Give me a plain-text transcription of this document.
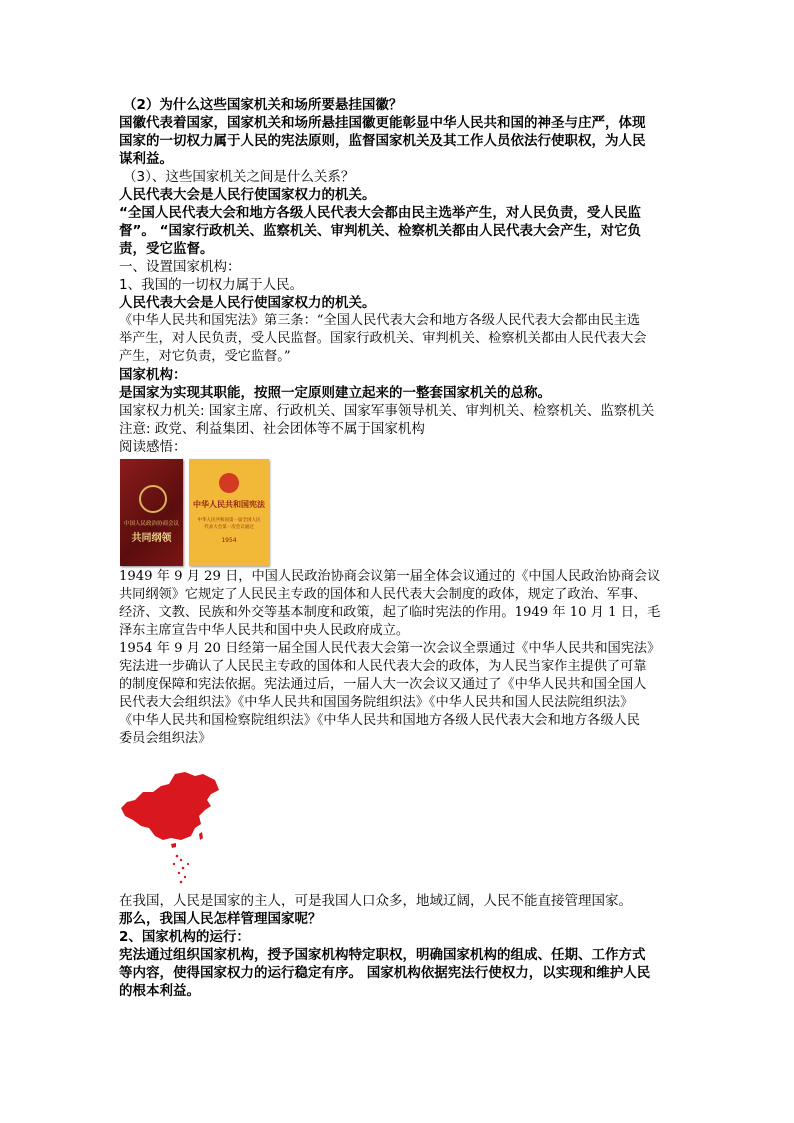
（2）为什么这些国家机关和场所要悬挂国徽？

国徽代表着国家，国家机关和场所悬挂国徽更能彰显中华人民共和国的神圣与庄严，体现

国家的一切权力属于人民的宪法原则，监督国家机关及其工作人员依法行使职权，为人民

谋利益。

（3）、这些国家机关之间是什么关系？

人民代表大会是人民行使国家权力的机关。

“全国人民代表大会和地方各级人民代表大会都由民主选举产生，对人民负责，受人民监

督”。 “国家行政机关、监察机关、审判机关、检察机关都由人民代表大会产生，对它负

责，受它监督。

一、设置国家机构：

1、我国的一切权力属于人民。

人民代表大会是人民行使国家权力的机关。

《中华人民共和国宪法》第三条：“全国人民代表大会和地方各级人民代表大会都由民主选

举产生，对人民负责，受人民监督。国家行政机关、审判机关、检察机关都由人民代表大会

产生，对它负责，受它监督。”

国家机构：

是国家为实现其职能，按照一定原则建立起来的一整套国家机关的总称。

国家权力机关: 国家主席、行政机关、国家军事领导机关、审判机关、检察机关、监察机关

注意: 政党、利益集团、社会团体等不属于国家机构

阅读感悟：

中国人民政治协商会议
共同纲领
中华人民共和国宪法
中华人民共和国第一届全国人民代表大会第一次会议通过
1954

1949 年 9 月 29 日，中国人民政治协商会议第一届全体会议通过的《中国人民政治协商会议

共同纲领》它规定了人民民主专政的国体和人民代表大会制度的政体，规定了政治、军事、

经济、文教、民族和外交等基本制度和政策，起了临时宪法的作用。1949 年 10 月 1 日，毛

泽东主席宣告中华人民共和国中央人民政府成立。

1954 年 9 月 20 日经第一届全国人民代表大会第一次会议全票通过《中华人民共和国宪法》

宪法进一步确认了人民民主专政的国体和人民代表大会的政体，为人民当家作主提供了可靠

的制度保障和宪法依据。宪法通过后，一届人大一次会议又通过了《中华人民共和国全国人

民代表大会组织法》《中华人民共和国国务院组织法》《中华人民共和国人民法院组织法》

《中华人民共和国检察院组织法》《中华人民共和国地方各级人民代表大会和地方各级人民

委员会组织法》

在我国，人民是国家的主人，可是我国人口众多，地域辽阔，人民不能直接管理国家。

那么，我国人民怎样管理国家呢？

2、国家机构的运行：

宪法通过组织国家机构，授予国家机构特定职权，明确国家机构的组成、任期、工作方式

等内容，使得国家权力的运行稳定有序。 国家机构依据宪法行使权力，以实现和维护人民

的根本利益。
